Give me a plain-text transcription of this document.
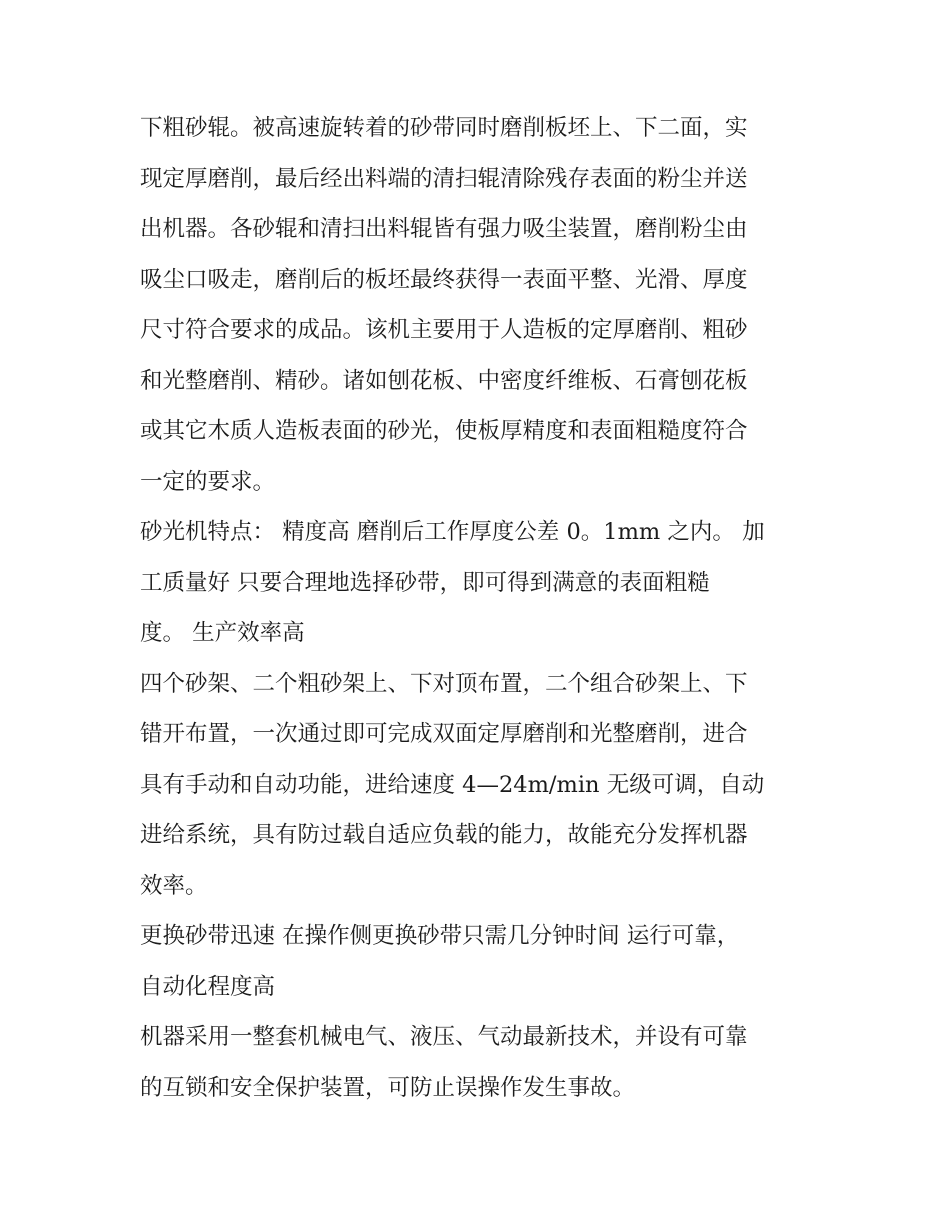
下粗砂辊。被高速旋转着的砂带同时磨削板坯上、下二面，实
现定厚磨削，最后经出料端的清扫辊清除残存表面的粉尘并送
出机器。各砂辊和清扫出料辊皆有强力吸尘装置，磨削粉尘由
吸尘口吸走，磨削后的板坯最终获得一表面平整、光滑、厚度
尺寸符合要求的成品。该机主要用于人造板的定厚磨削、粗砂
和光整磨削、精砂。诸如刨花板、中密度纤维板、石膏刨花板
或其它木质人造板表面的砂光，使板厚精度和表面粗糙度符合
一定的要求。

砂光机特点： 精度高 磨削后工作厚度公差 0。1mm 之内。 加
工质量好 只要合理地选择砂带，即可得到满意的表面粗糙
度。 生产效率高

四个砂架、二个粗砂架上、下对顶布置，二个组合砂架上、下
错开布置，一次通过即可完成双面定厚磨削和光整磨削，进合
具有手动和自动功能，进给速度 4—24m/min 无级可调，自动
进给系统，具有防过载自适应负载的能力，故能充分发挥机器
效率。

更换砂带迅速 在操作侧更换砂带只需几分钟时间 运行可靠，
自动化程度高

机器采用一整套机械电气、液压、气动最新技术，并设有可靠
的互锁和安全保护装置，可防止误操作发生事故。
